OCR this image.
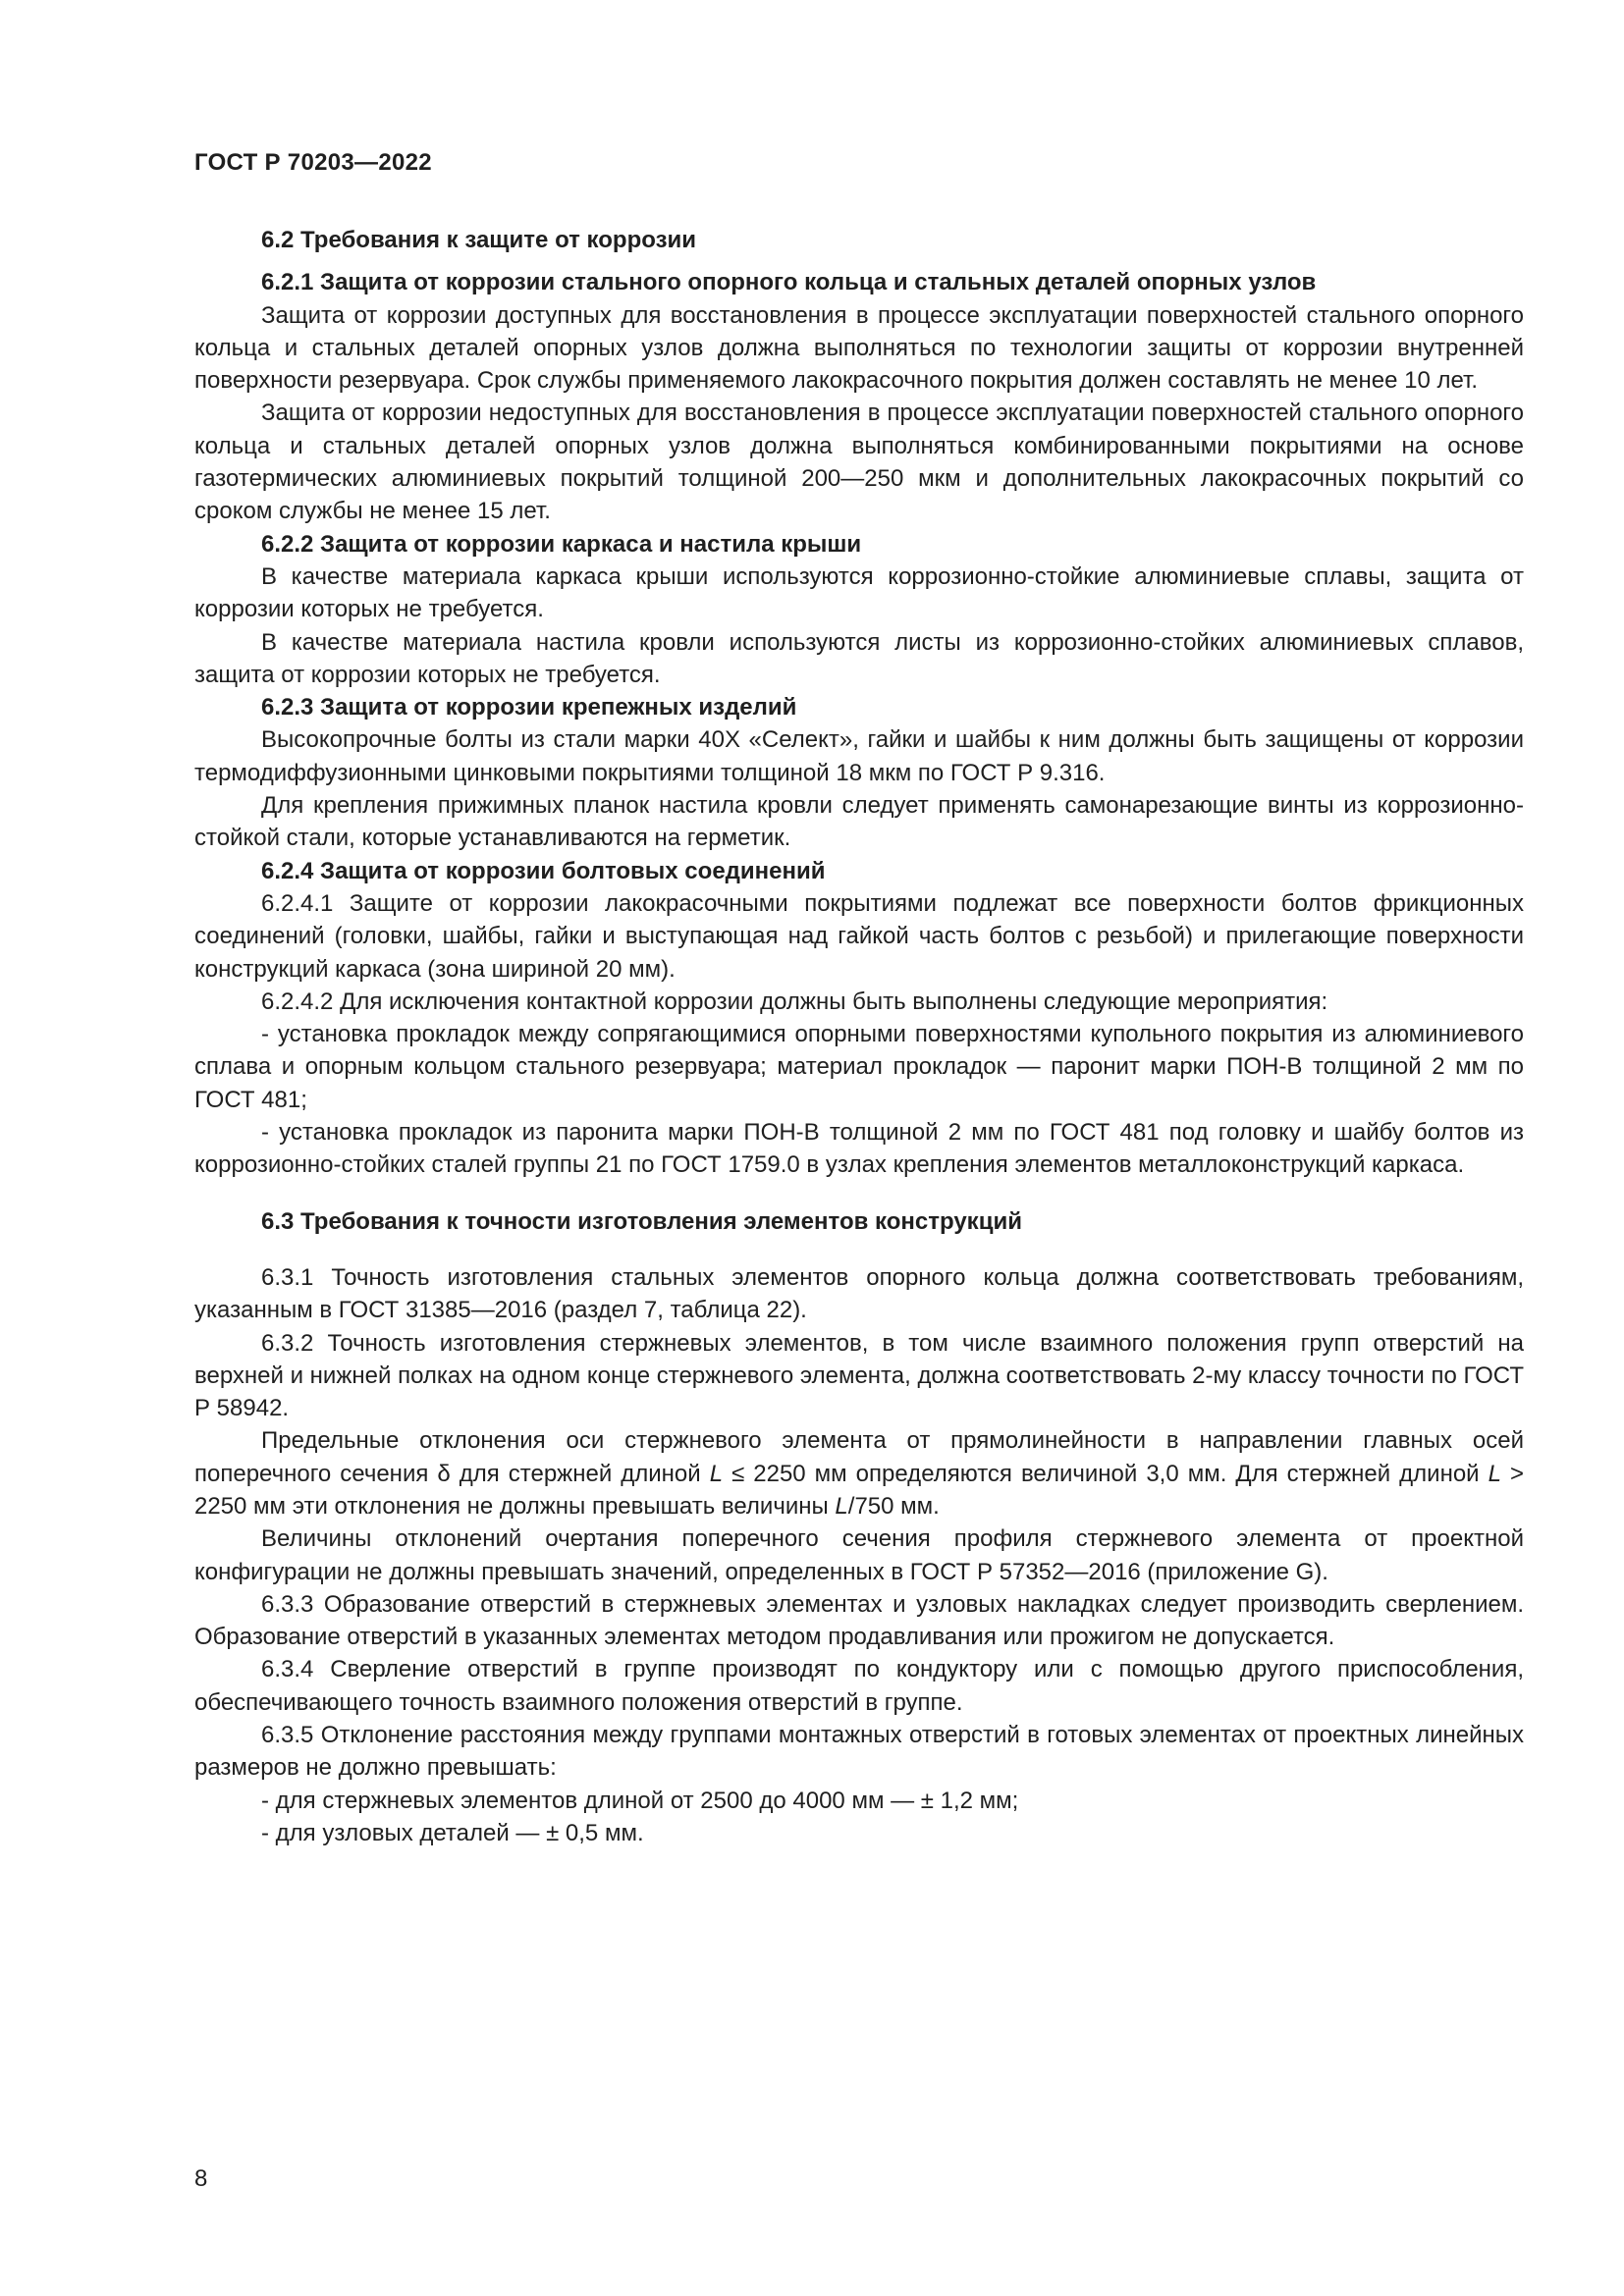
ГОСТ Р 70203—2022
6.2 Требования к защите от коррозии
6.2.1 Защита от коррозии стального опорного кольца и стальных деталей опорных узлов

Защита от коррозии доступных для восстановления в процессе эксплуатации поверхностей стального опорного кольца и стальных деталей опорных узлов должна выполняться по технологии защиты от коррозии внутренней поверхности резервуара. Срок службы применяемого лакокрасочного покрытия должен составлять не менее 10 лет.

Защита от коррозии недоступных для восстановления в процессе эксплуатации поверхностей стального опорного кольца и стальных деталей опорных узлов должна выполняться комбинированными покрытиями на основе газотермических алюминиевых покрытий толщиной 200—250 мкм и дополнительных лакокрасочных покрытий со сроком службы не менее 15 лет.

6.2.2 Защита от коррозии каркаса и настила крыши

В качестве материала каркаса крыши используются коррозионно-стойкие алюминиевые сплавы, защита от коррозии которых не требуется.

В качестве материала настила кровли используются листы из коррозионно-стойких алюминиевых сплавов, защита от коррозии которых не требуется.

6.2.3 Защита от коррозии крепежных изделий

Высокопрочные болты из стали марки 40Х «Селект», гайки и шайбы к ним должны быть защищены от коррозии термодиффузионными цинковыми покрытиями толщиной 18 мкм по ГОСТ Р 9.316.

Для крепления прижимных планок настила кровли следует применять самонарезающие винты из коррозионно-стойкой стали, которые устанавливаются на герметик.

6.2.4 Защита от коррозии болтовых соединений

6.2.4.1 Защите от коррозии лакокрасочными покрытиями подлежат все поверхности болтов фрикционных соединений (головки, шайбы, гайки и выступающая над гайкой часть болтов с резьбой) и прилегающие поверхности конструкций каркаса (зона шириной 20 мм).

6.2.4.2 Для исключения контактной коррозии должны быть выполнены следующие мероприятия:

- установка прокладок между сопрягающимися опорными поверхностями купольного покрытия из алюминиевого сплава и опорным кольцом стального резервуара; материал прокладок — паронит марки ПОН-В толщиной 2 мм по ГОСТ 481;

- установка прокладок из паронита марки ПОН-В толщиной 2 мм по ГОСТ 481 под головку и шайбу болтов из коррозионно-стойких сталей группы 21 по ГОСТ 1759.0 в узлах крепления элементов металлоконструкций каркаса.

6.3 Требования к точности изготовления элементов конструкций

6.3.1 Точность изготовления стальных элементов опорного кольца должна соответствовать требованиям, указанным в ГОСТ 31385—2016 (раздел 7, таблица 22).

6.3.2 Точность изготовления стержневых элементов, в том числе взаимного положения групп отверстий на верхней и нижней полках на одном конце стержневого элемента, должна соответствовать 2-му классу точности по ГОСТ Р 58942.

Предельные отклонения оси стержневого элемента от прямолинейности в направлении главных осей поперечного сечения δ для стержней длиной L ≤ 2250 мм определяются величиной 3,0 мм. Для стержней длиной L > 2250 мм эти отклонения не должны превышать величины L/750 мм.

Величины отклонений очертания поперечного сечения профиля стержневого элемента от проектной конфигурации не должны превышать значений, определенных в ГОСТ Р 57352—2016 (приложение G).

6.3.3 Образование отверстий в стержневых элементах и узловых накладках следует производить сверлением. Образование отверстий в указанных элементах методом продавливания или прожигом не допускается.

6.3.4 Сверление отверстий в группе производят по кондуктору или с помощью другого приспособления, обеспечивающего точность взаимного положения отверстий в группе.

6.3.5 Отклонение расстояния между группами монтажных отверстий в готовых элементах от проектных линейных размеров не должно превышать:

- для стержневых элементов длиной от 2500 до 4000 мм — ± 1,2 мм;

- для узловых деталей — ± 0,5 мм.

8
